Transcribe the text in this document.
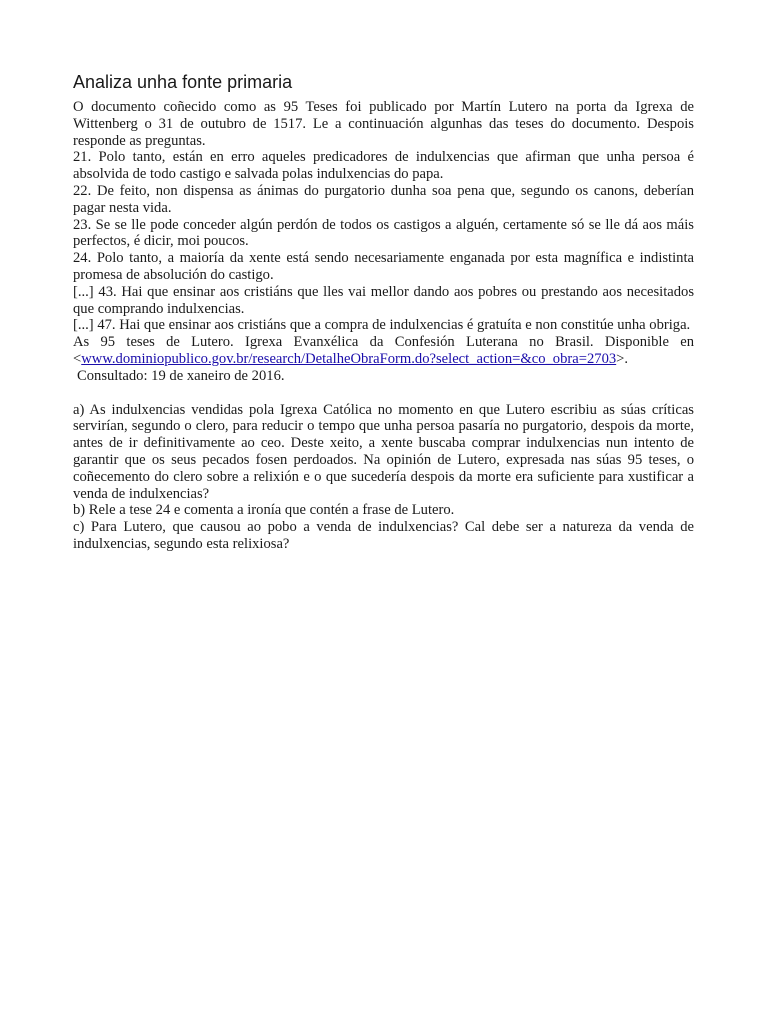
Analiza unha fonte primaria

O documento coñecido como as 95 Teses foi publicado por Martín Lutero na porta da Igrexa de Wittenberg o 31 de outubro de 1517. Le a continuación algunhas das teses do documento. Despois responde as preguntas.

21. Polo tanto, están en erro aqueles predicadores de indulxencias que afirman que unha persoa é absolvida de todo castigo e salvada polas indulxencias do papa.

22. De feito, non dispensa as ánimas do purgatorio dunha soa pena que, segundo os canons, deberían pagar nesta vida.

23. Se se lle pode conceder algún perdón de todos os castigos a alguén, certamente só se lle dá aos máis perfectos, é dicir, moi poucos.

24. Polo tanto, a maioría da xente está sendo necesariamente enganada por esta magnífica e indistinta promesa de absolución do castigo.

[...] 43. Hai que ensinar aos cristiáns que lles vai mellor dando aos pobres ou prestando aos necesitados que comprando indulxencias.

[...] 47. Hai que ensinar aos cristiáns que a compra de indulxencias é gratuíta e non constitúe unha obriga.

As 95 teses de Lutero. Igrexa Evanxélica da Confesión Luterana no Brasil. Disponible en <www.dominiopublico.gov.br/research/DetalheObraForm.do?select_action=&co_obra=2703>.

Consultado: 19 de xaneiro de 2016.

a) As indulxencias vendidas pola Igrexa Católica no momento en que Lutero escribiu as súas críticas servirían, segundo o clero, para reducir o tempo que unha persoa pasaría no purgatorio, despois da morte, antes de ir definitivamente ao ceo. Deste xeito, a xente buscaba comprar indulxencias nun intento de garantir que os seus pecados fosen perdoados. Na opinión de Lutero, expresada nas súas 95 teses, o coñecemento do clero sobre a relixión e o que sucedería despois da morte era suficiente para xustificar a venda de indulxencias?

b) Rele a tese 24 e comenta a ironía que contén a frase de Lutero.

c) Para Lutero, que causou ao pobo a venda de indulxencias? Cal debe ser a natureza da venda de indulxencias, segundo esta relixiosa?
